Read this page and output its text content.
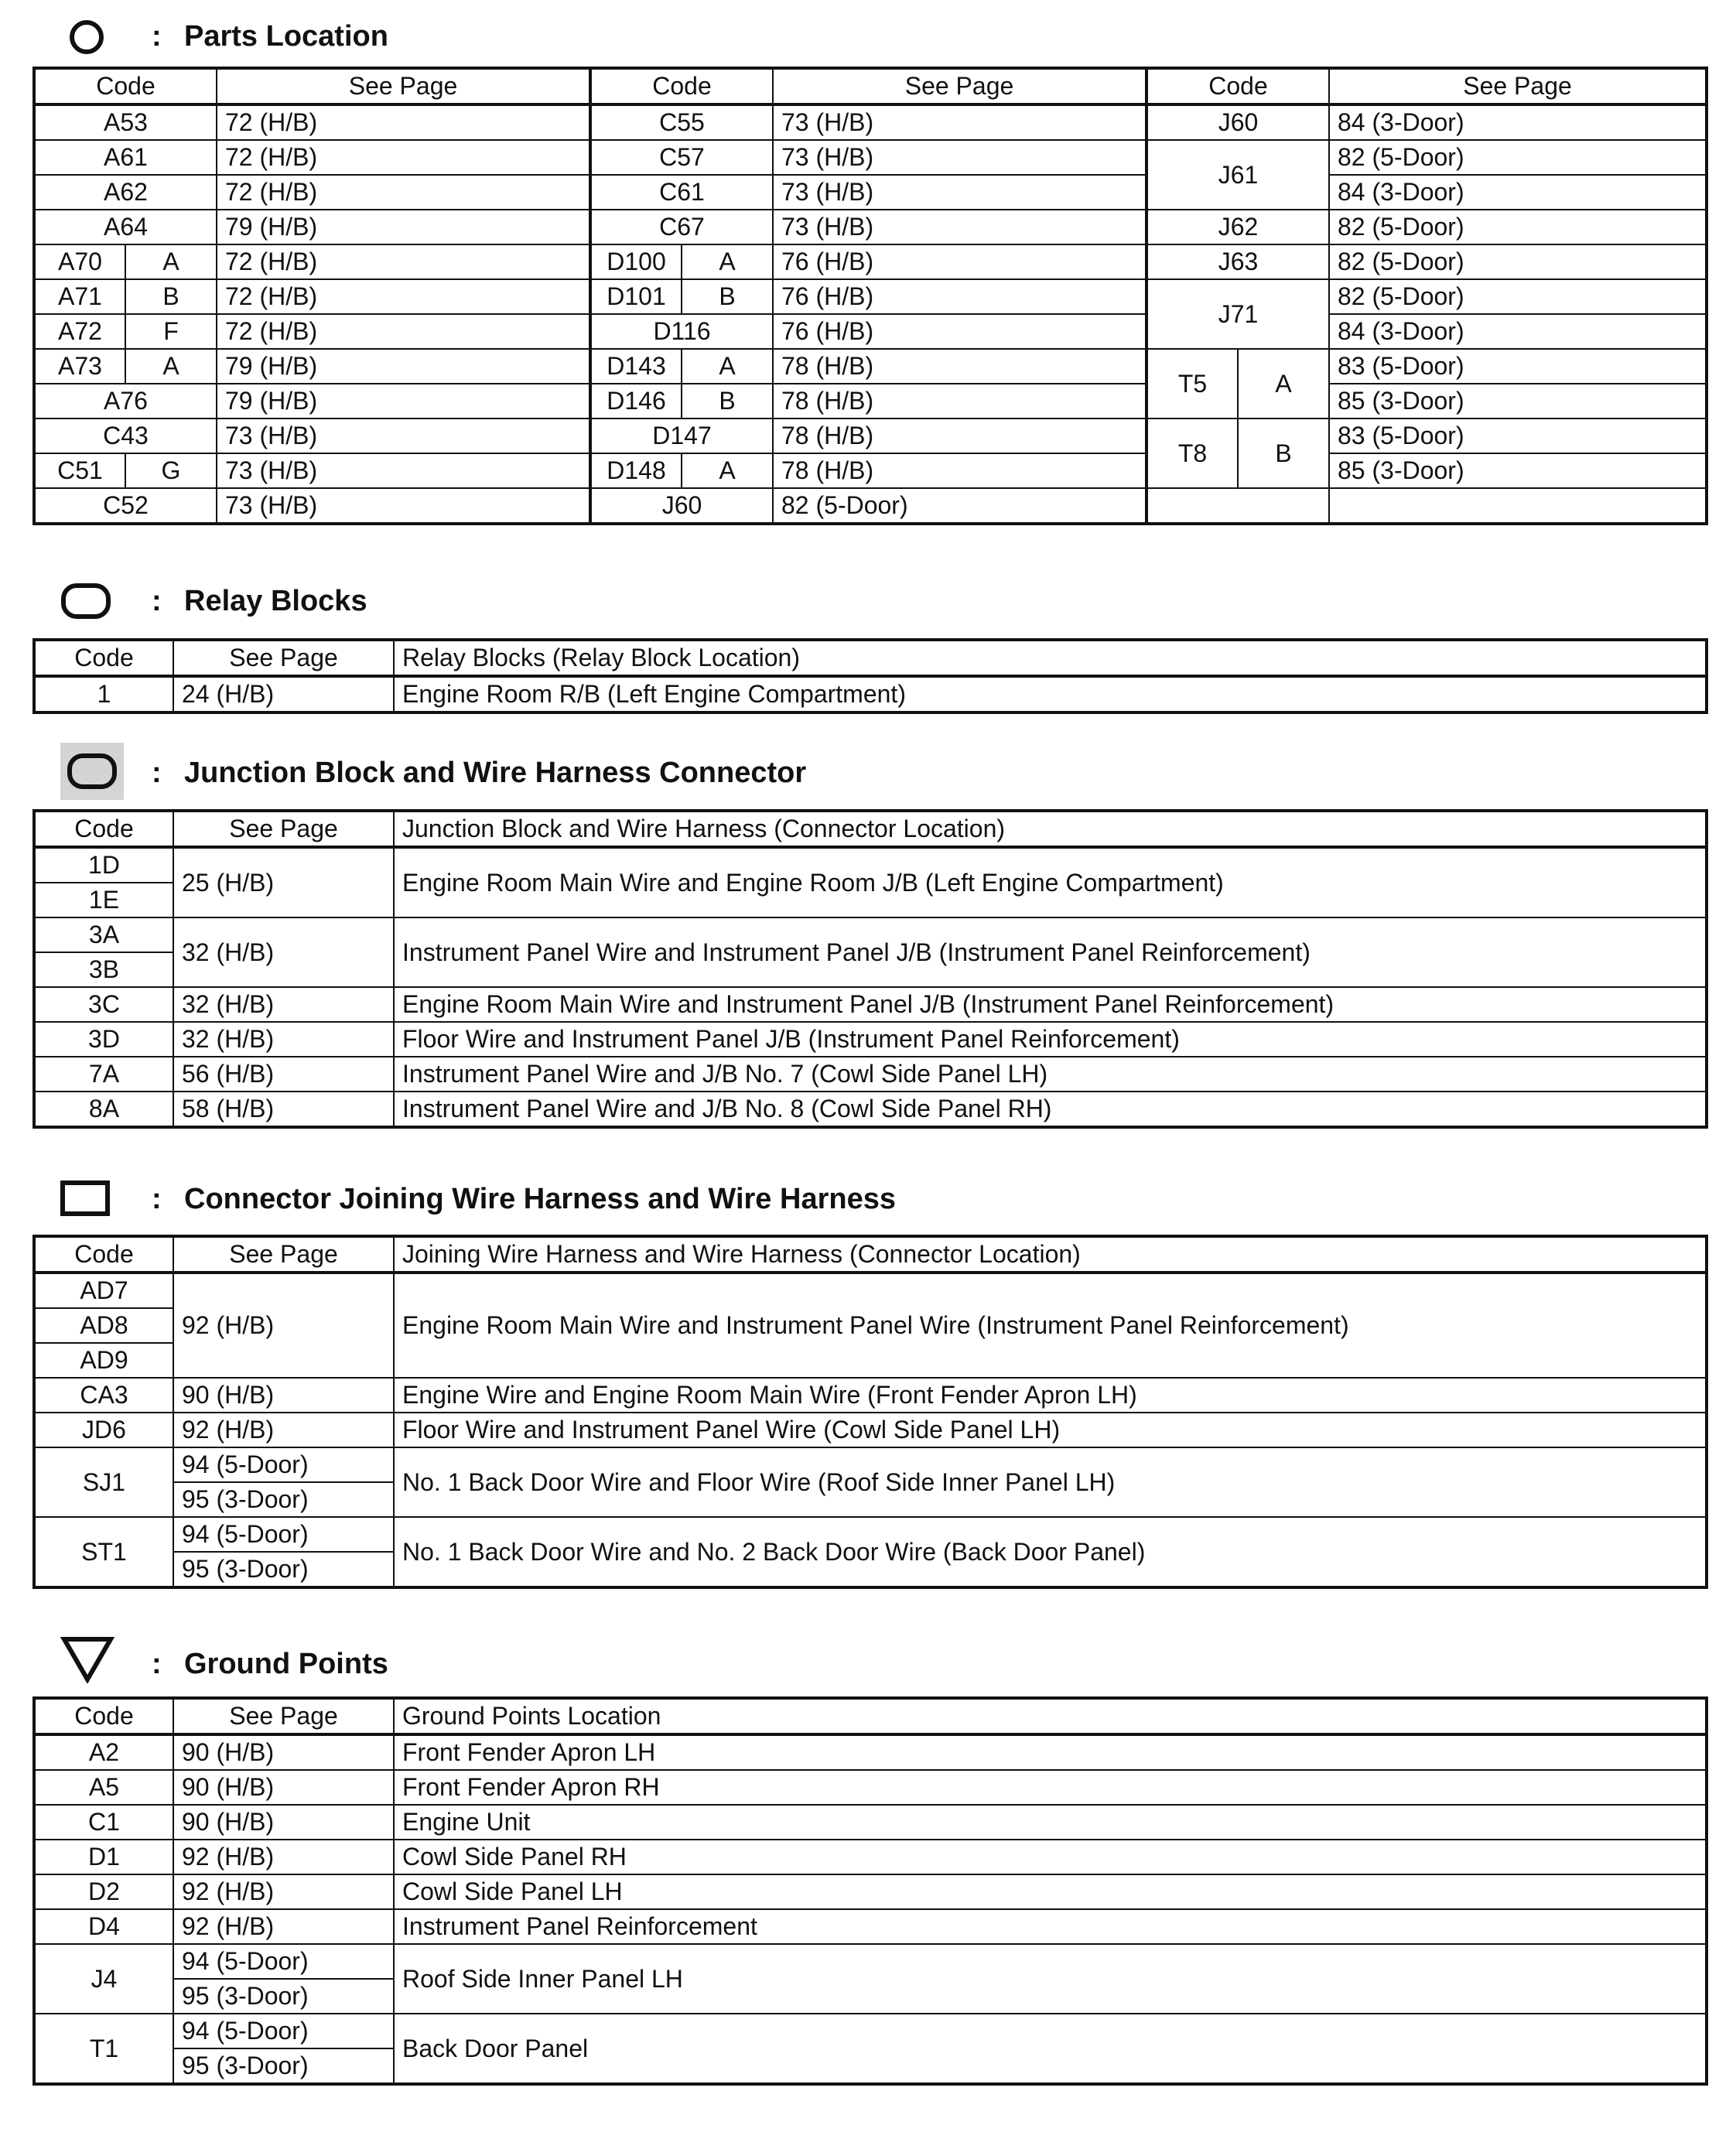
: Parts Location
Code		See Page	Code		See Page	Code		See Page
A53		72 (H/B)	C55		73 (H/B)	J60		84 (3-Door)
A61		72 (H/B)	C57		73 (H/B)	J61		82 (5-Door)
A62		72 (H/B)	C61		73 (H/B)			84 (3-Door)
A64		79 (H/B)	C67		73 (H/B)	J62		82 (5-Door)
A70	A	72 (H/B)	D100	A	76 (H/B)	J63		82 (5-Door)
A71	B	72 (H/B)	D101	B	76 (H/B)	J71		82 (5-Door)
A72	F	72 (H/B)	D116		76 (H/B)			84 (3-Door)
A73	A	79 (H/B)	D143	A	78 (H/B)	T5	A	83 (5-Door)
A76		79 (H/B)	D146	B	78 (H/B)			85 (3-Door)
C43		73 (H/B)	D147		78 (H/B)	T8	B	83 (5-Door)
C51	G	73 (H/B)	D148	A	78 (H/B)			85 (3-Door)
C52		73 (H/B)	J60		82 (5-Door)			
: Relay Blocks
Code	See Page	Relay Blocks (Relay Block Location)
1	24 (H/B)	Engine Room R/B (Left Engine Compartment)
: Junction Block and Wire Harness Connector
Code	See Page	Junction Block and Wire Harness (Connector Location)
1D	25 (H/B)	Engine Room Main Wire and Engine Room J/B (Left Engine Compartment)
1E		
3A	32 (H/B)	Instrument Panel Wire and Instrument Panel J/B (Instrument Panel Reinforcement)
3B		
3C	32 (H/B)	Engine Room Main Wire and Instrument Panel J/B (Instrument Panel Reinforcement)
3D	32 (H/B)	Floor Wire and Instrument Panel J/B (Instrument Panel Reinforcement)
7A	56 (H/B)	Instrument Panel Wire and J/B No. 7 (Cowl Side Panel LH)
8A	58 (H/B)	Instrument Panel Wire and J/B No. 8 (Cowl Side Panel RH)
: Connector Joining Wire Harness and Wire Harness
Code	See Page	Joining Wire Harness and Wire Harness (Connector Location)
AD7	92 (H/B)	Engine Room Main Wire and Instrument Panel Wire (Instrument Panel Reinforcement)
AD8		
AD9		
CA3	90 (H/B)	Engine Wire and Engine Room Main Wire (Front Fender Apron LH)
JD6	92 (H/B)	Floor Wire and Instrument Panel Wire (Cowl Side Panel LH)
SJ1	94 (5-Door)	No. 1 Back Door Wire and Floor Wire (Roof Side Inner Panel LH)
	95 (3-Door)	
ST1	94 (5-Door)	No. 1 Back Door Wire and No. 2 Back Door Wire (Back Door Panel)
	95 (3-Door)	
: Ground Points
Code	See Page	Ground Points Location
A2	90 (H/B)	Front Fender Apron LH
A5	90 (H/B)	Front Fender Apron RH
C1	90 (H/B)	Engine Unit
D1	92 (H/B)	Cowl Side Panel RH
D2	92 (H/B)	Cowl Side Panel LH
D4	92 (H/B)	Instrument Panel Reinforcement
J4	94 (5-Door)	Roof Side Inner Panel LH
	95 (3-Door)	
T1	94 (5-Door)	Back Door Panel
	95 (3-Door)	
